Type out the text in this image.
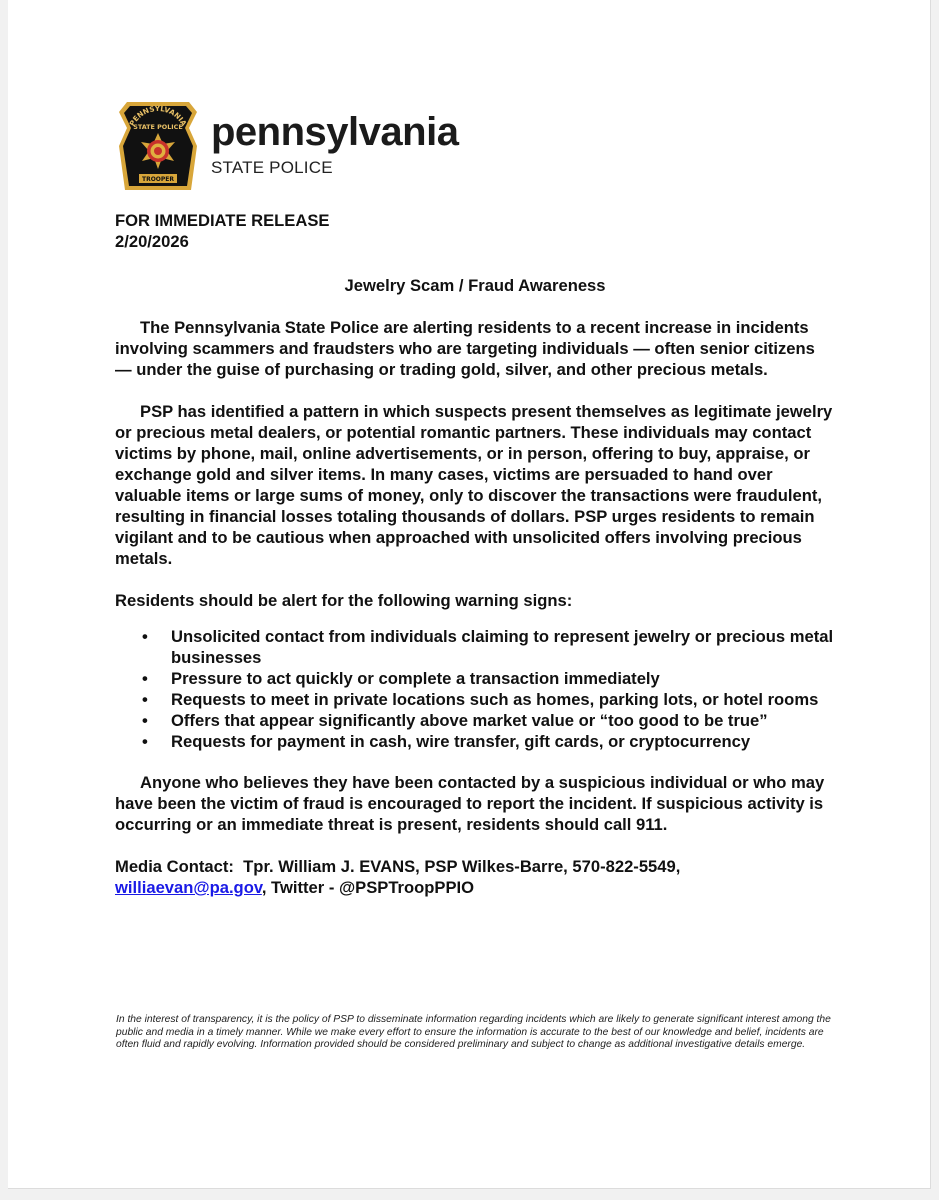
PENNSYLVANIA
STATE POLICE
TROOPER
pennsylvania
STATE POLICE

FOR IMMEDIATE RELEASE
2/20/2026

Jewelry Scam / Fraud Awareness

The Pennsylvania State Police are alerting residents to a recent increase in incidents involving scammers and fraudsters who are targeting individuals — often senior citizens — under the guise of purchasing or trading gold, silver, and other precious metals.

PSP has identified a pattern in which suspects present themselves as legitimate jewelry or precious metal dealers, or potential romantic partners. These individuals may contact victims by phone, mail, online advertisements, or in person, offering to buy, appraise, or exchange gold and silver items. In many cases, victims are persuaded to hand over valuable items or large sums of money, only to discover the transactions were fraudulent, resulting in financial losses totaling thousands of dollars. PSP urges residents to remain vigilant and to be cautious when approached with unsolicited offers involving precious metals.

Residents should be alert for the following warning signs:

• Unsolicited contact from individuals claiming to represent jewelry or precious metal businesses
• Pressure to act quickly or complete a transaction immediately
• Requests to meet in private locations such as homes, parking lots, or hotel rooms
• Offers that appear significantly above market value or “too good to be true”
• Requests for payment in cash, wire transfer, gift cards, or cryptocurrency

Anyone who believes they have been contacted by a suspicious individual or who may have been the victim of fraud is encouraged to report the incident. If suspicious activity is occurring or an immediate threat is present, residents should call 911.

Media Contact: Tpr. William J. EVANS, PSP Wilkes-Barre, 570-822-5549, williaevan@pa.gov, Twitter - @PSPTroopPPIO

In the interest of transparency, it is the policy of PSP to disseminate information regarding incidents which are likely to generate significant interest among the public and media in a timely manner. While we make every effort to ensure the information is accurate to the best of our knowledge and belief, incidents are often fluid and rapidly evolving. Information provided should be considered preliminary and subject to change as additional investigative details emerge.
